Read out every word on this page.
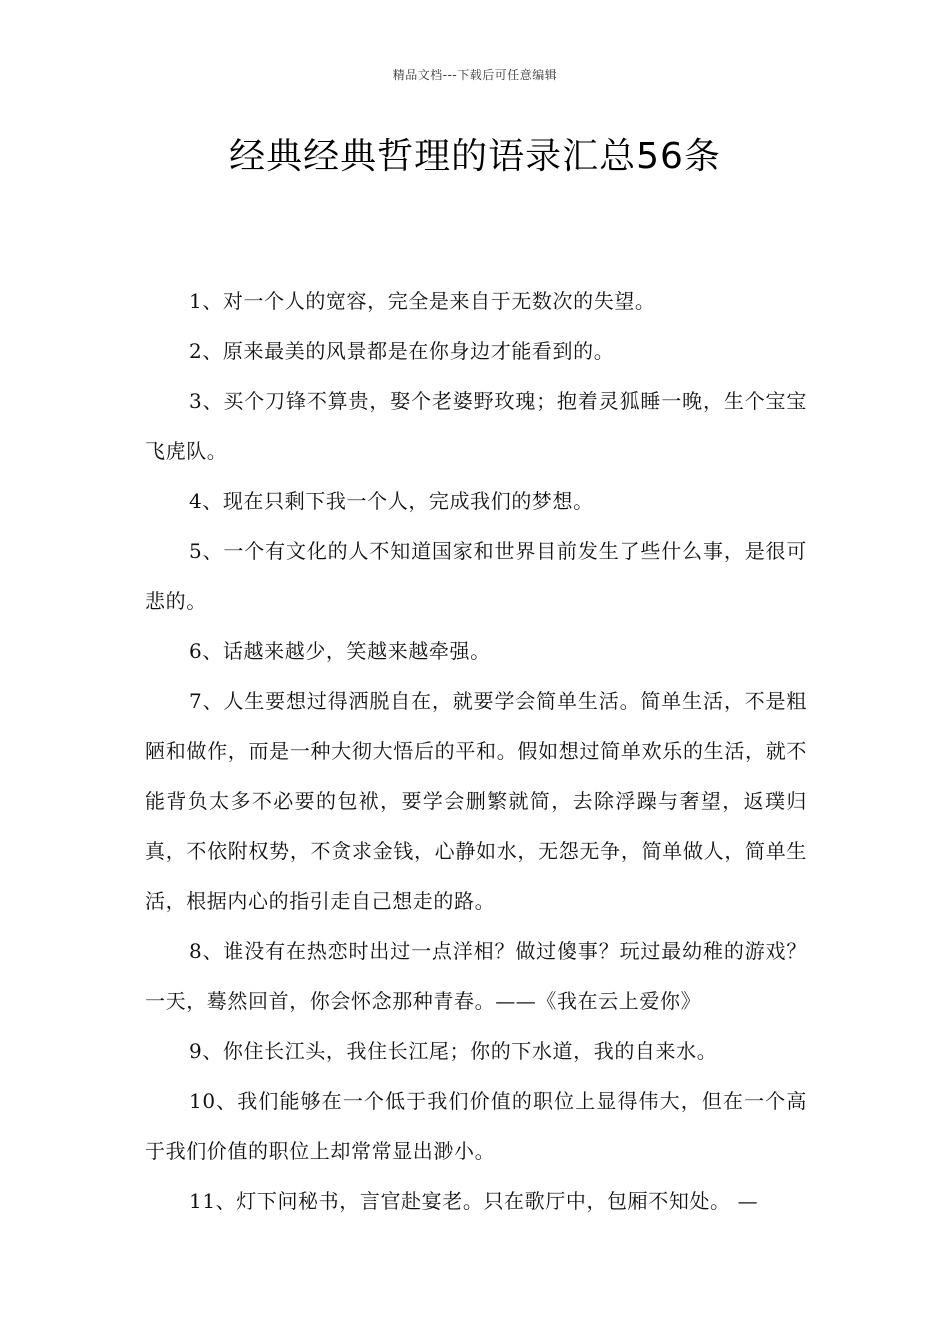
精品文档---下载后可任意编辑
经典经典哲理的语录汇总56条

1、对一个人的宽容，完全是来自于无数次的失望。

2、原来最美的风景都是在你身边才能看到的。

3、买个刀锋不算贵，娶个老婆野玫瑰；抱着灵狐睡一晚，生个宝宝飞虎队。

4、现在只剩下我一个人，完成我们的梦想。

5、一个有文化的人不知道国家和世界目前发生了些什么事，是很可悲的。

6、话越来越少，笑越来越牵强。

7、人生要想过得洒脱自在，就要学会简单生活。简单生活，不是粗陋和做作，而是一种大彻大悟后的平和。假如想过简单欢乐的生活，就不能背负太多不必要的包袱，要学会删繁就简，去除浮躁与奢望，返璞归真，不依附权势，不贪求金钱，心静如水，无怨无争，简单做人，简单生活，根据内心的指引走自己想走的路。

8、谁没有在热恋时出过一点洋相？做过傻事？玩过最幼稚的游戏？一天，蓦然回首，你会怀念那种青春。——《我在云上爱你》

9、你住长江头，我住长江尾；你的下水道，我的自来水。

10、我们能够在一个低于我们价值的职位上显得伟大，但在一个高于我们价值的职位上却常常显出渺小。

11、灯下问秘书，言官赴宴老。只在歌厅中，包厢不知处。 —
